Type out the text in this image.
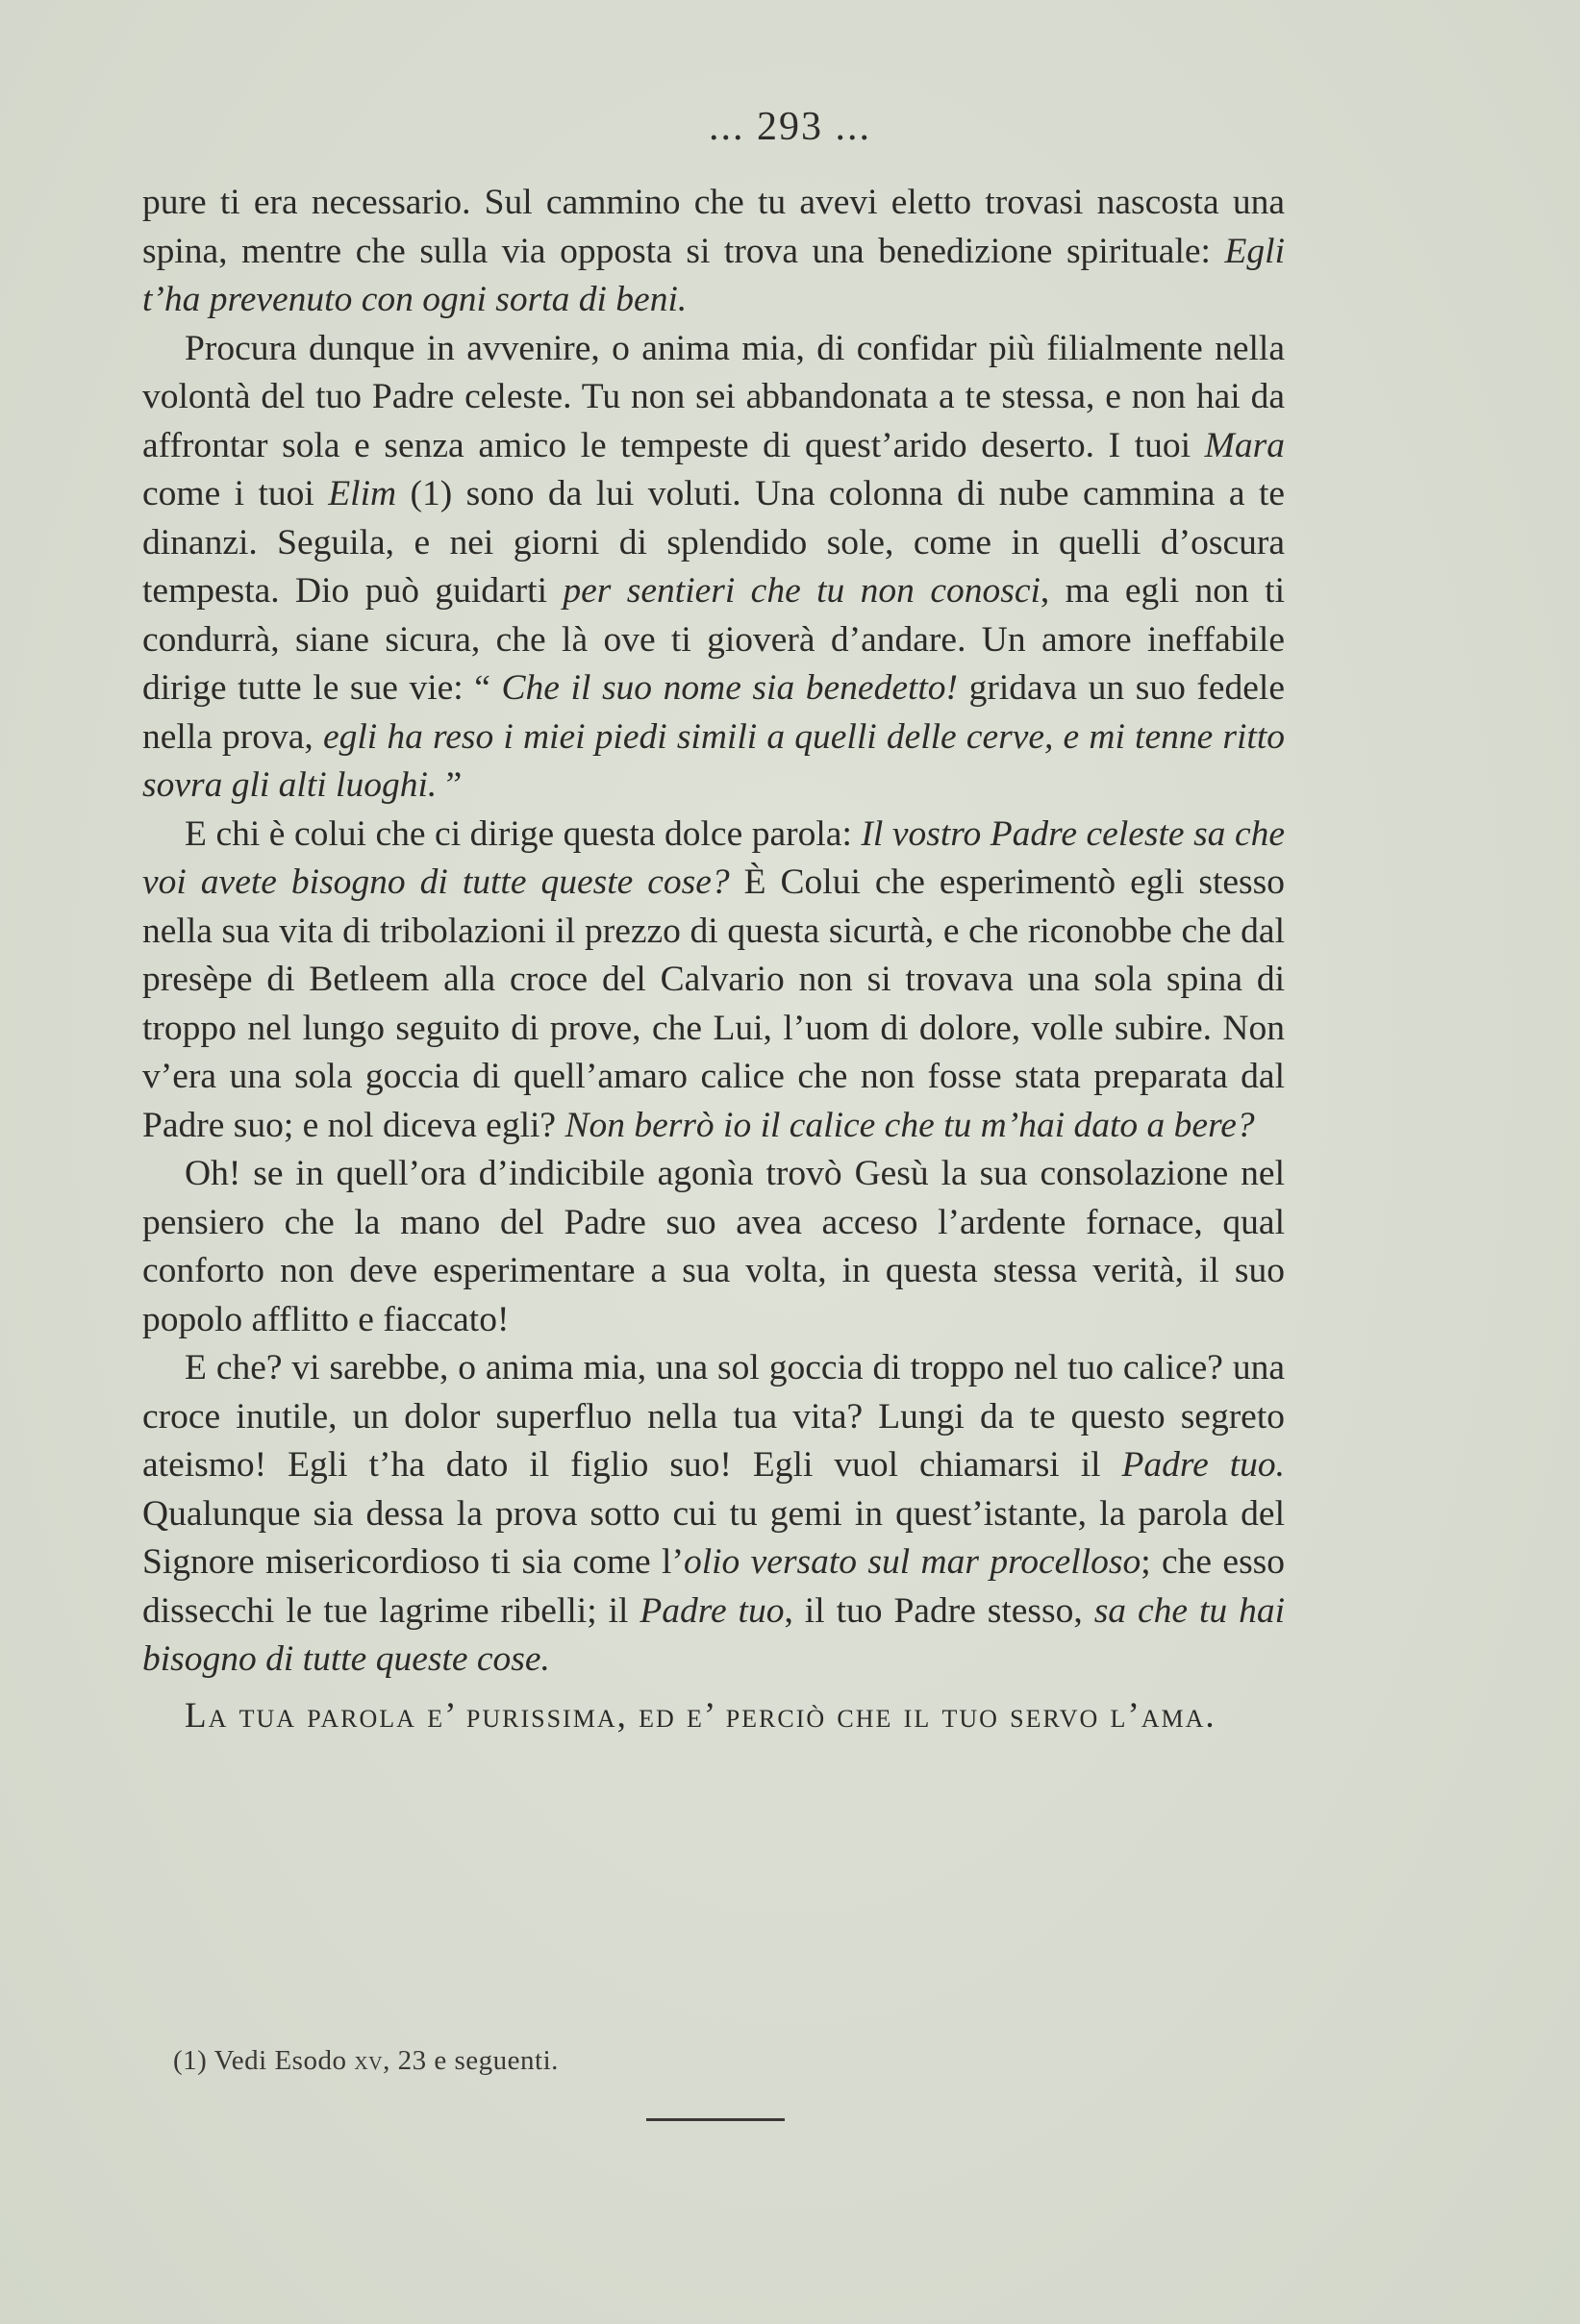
... 293 ...

pure ti era necessario. Sul cammino che tu avevi eletto trovasi nascosta una spina, mentre che sulla via opposta si trova una benedizione spirituale: Egli t’ha prevenuto con ogni sorta di beni.

Procura dunque in avvenire, o anima mia, di confidar più filialmente nella volontà del tuo Padre celeste. Tu non sei abbandonata a te stessa, e non hai da affrontar sola e senza amico le tempeste di quest’arido deserto. I tuoi Mara come i tuoi Elim (1) sono da lui voluti. Una colonna di nube cammina a te dinanzi. Seguila, e nei giorni di splendido sole, come in quelli d’oscura tempesta. Dio può guidarti per sentieri che tu non conosci, ma egli non ti condurrà, siane sicura, che là ove ti gioverà d’andare. Un amore ineffabile dirige tutte le sue vie: “ Che il suo nome sia benedetto! gridava un suo fedele nella prova, egli ha reso i miei piedi simili a quelli delle cerve, e mi tenne ritto sovra gli alti luoghi. ”

E chi è colui che ci dirige questa dolce parola: Il vostro Padre celeste sa che voi avete bisogno di tutte queste cose? È Colui che esperimentò egli stesso nella sua vita di tribolazioni il prezzo di questa sicurtà, e che riconobbe che dal presèpe di Betleem alla croce del Calvario non si trovava una sola spina di troppo nel lungo seguito di prove, che Lui, l’uom di dolore, volle subire. Non v’era una sola goccia di quell’amaro calice che non fosse stata preparata dal Padre suo; e nol diceva egli? Non berrò io il calice che tu m’hai dato a bere?

Oh! se in quell’ora d’indicibile agonìa trovò Gesù la sua consolazione nel pensiero che la mano del Padre suo avea acceso l’ardente fornace, qual conforto non deve esperimentare a sua volta, in questa stessa verità, il suo popolo afflitto e fiaccato!

E che? vi sarebbe, o anima mia, una sol goccia di troppo nel tuo calice? una croce inutile, un dolor superfluo nella tua vita? Lungi da te questo segreto ateismo! Egli t’ha dato il figlio suo! Egli vuol chiamarsi il Padre tuo. Qualunque sia dessa la prova sotto cui tu gemi in quest’istante, la parola del Signore misericordioso ti sia come l’olio versato sul mar procelloso; che esso dissecchi le tue lagrime ribelli; il Padre tuo, il tuo Padre stesso, sa che tu hai bisogno di tutte queste cose.

La tua parola e’ purissima, ed e’ perciò che il tuo servo l’ama.

(1) Vedi Esodo xv, 23 e seguenti.
